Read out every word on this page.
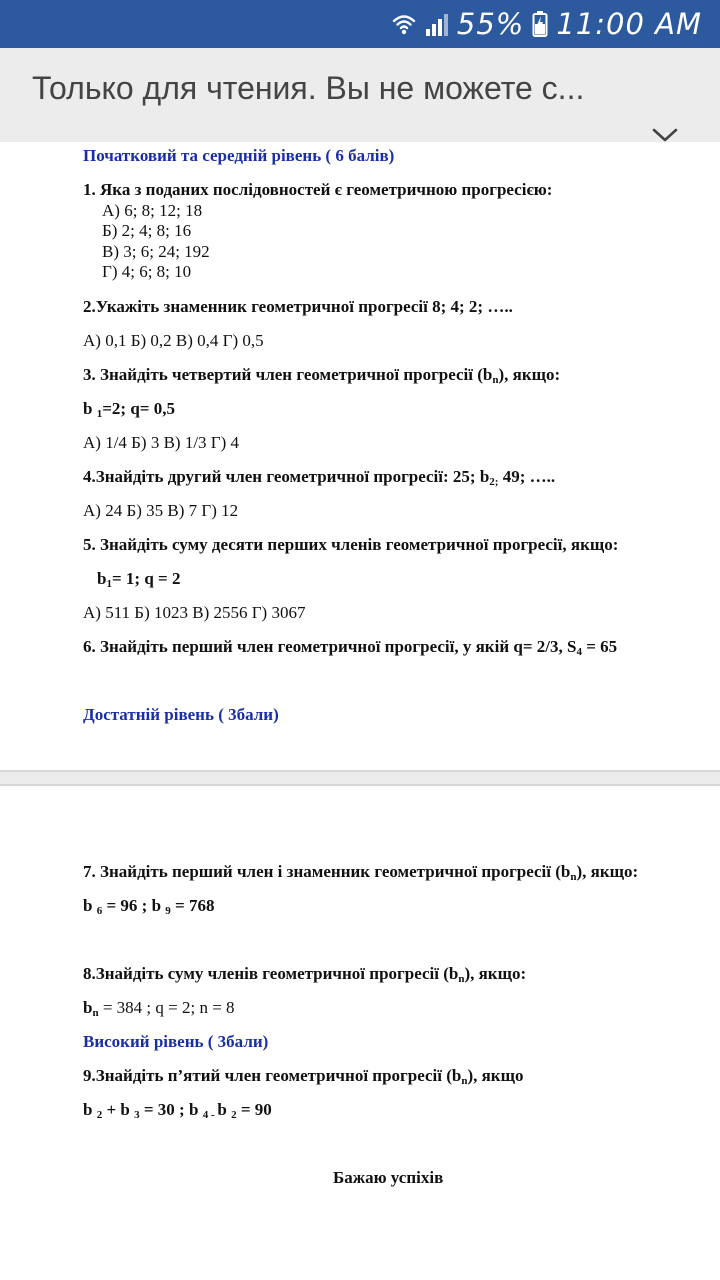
55% 11:00 AM
Только для чтения. Вы не можете с...
Початковий та середній рівень ( 6 балів)
1. Яка з поданих послідовностей є геометричною прогресією:
А) 6; 8; 12; 18
Б) 2; 4; 8; 16
В) 3; 6; 24; 192
Г) 4; 6; 8; 10
2.Укажіть знаменник геометричної прогресії 8; 4; 2; …..
А) 0,1 Б) 0,2 В) 0,4 Г) 0,5
3. Знайдіть четвертий член геометричної прогресії $(b_n)$, якщо:
b $_1$=2; q= 0,5
А) 1/4 Б) 3 В) 1/3 Г) 4
4.Знайдіть другий член геометричної прогресії: 25; $b_{2;}$ 49; …..
А) 24 Б) 35 В) 7 Г) 12
5. Знайдіть суму десяти перших членів геометричної прогресії, якщо:
$b_1= 1$; q = 2
А) 511 Б) 1023 В) 2556 Г) 3067
6. Знайдіть перший член геометричної прогресії, у якій q= 2/3, $S_4 = 65$
Достатній рівень ( 3бали)
7. Знайдіть перший член і знаменник геометричної прогресії $(b_n)$, якщо:
b $_6$ = 96 ; b $_9$ = 768
8.Знайдіть суму членів геометричної прогресії $(b_n)$, якщо:
$b_n = 384$ ; q = 2; n = 8
Високий рівень ( 3бали)
9.Знайдіть п’ятий член геометричної прогресії $(b_n)$, якщо
b $_2$ + b $_3$ = 30 ; b $_{4 -}$ b $_2$ = 90
Бажаю успіхів
